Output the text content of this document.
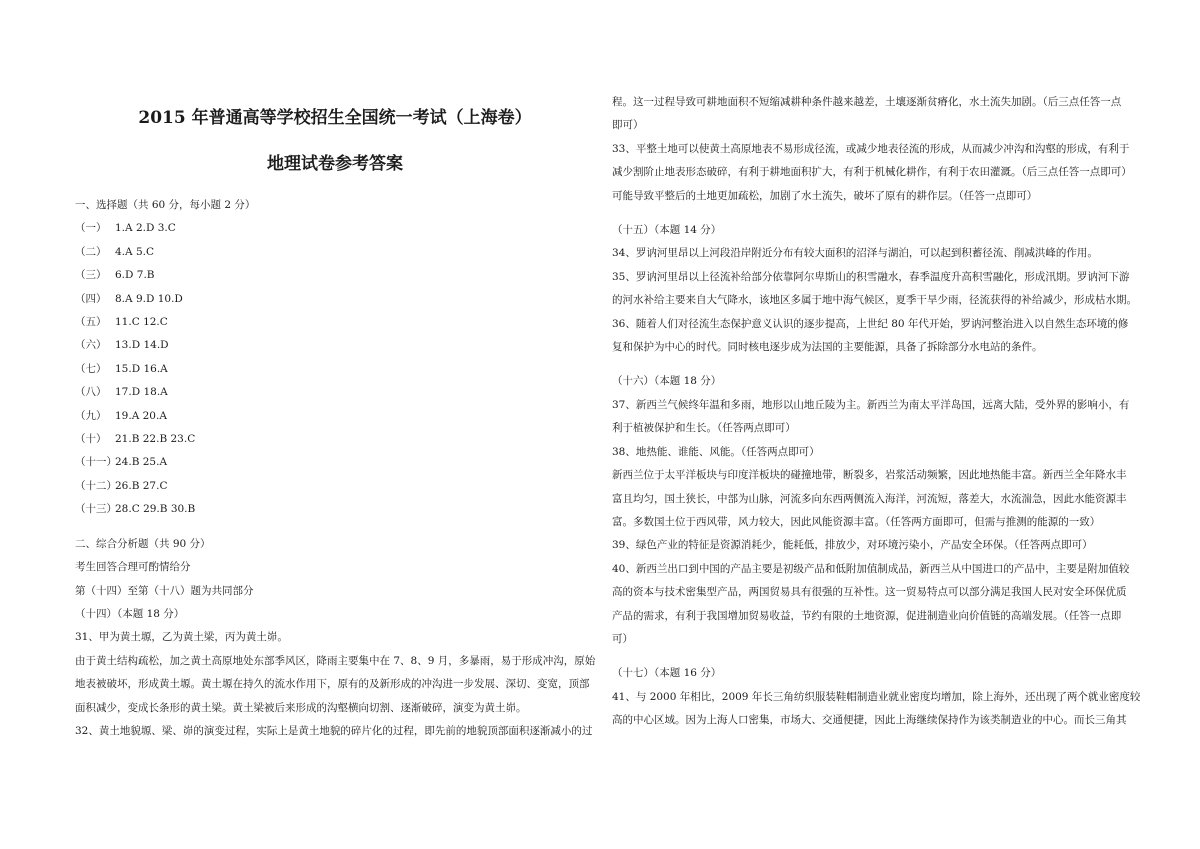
2015 年普通高等学校招生全国统一考试（上海卷）
地理试卷参考答案
一、选择题（共 60 分，每小题 2 分）
（一） 1.A 2.D 3.C
（二） 4.A 5.C
（三） 6.D 7.B
（四） 8.A 9.D 10.D
（五） 11.C 12.C
（六） 13.D 14.D
（七） 15.D 16.A
（八） 17.D 18.A
（九） 19.A 20.A
（十） 21.B 22.B 23.C
（十一）24.B 25.A
（十二）26.B 27.C
（十三）28.C 29.B 30.B
二、综合分析题（共 90 分）
考生回答合理可酌情给分
第（十四）至第（十八）题为共同部分
（十四）（本题 18 分）
31、甲为黄土塬，乙为黄土梁，丙为黄土峁。
由于黄土结构疏松，加之黄土高原地处东部季风区，降雨主要集中在 7、8、9 月，多暴雨，易于形成冲沟，原始
地表被破坏，形成黄土塬。黄土塬在持久的流水作用下，原有的及新形成的冲沟进一步发展、深切、变宽，顶部
面积减少，变成长条形的黄土梁。黄土梁被后来形成的沟壑横向切割、逐渐破碎，演变为黄土峁。
32、黄土地貌塬、梁、峁的演变过程，实际上是黄土地貌的碎片化的过程，即先前的地貌顶部面积逐渐减小的过
程。这一过程导致可耕地面积不短缩减耕种条件越来越差，土壤逐渐贫瘠化，水土流失加剧。（后三点任答一点
即可）
33、平整土地可以使黄土高原地表不易形成径流，或减少地表径流的形成，从而减少冲沟和沟壑的形成，有利于
减少割阶止地表形态破碎，有利于耕地面积扩大，有利于机械化耕作，有利于农田灌溉。（后三点任答一点即可）
可能导致平整后的土地更加疏松，加剧了水土流失，破坏了原有的耕作层。（任答一点即可）
（十五）（本题 14 分）
34、罗讷河里昂以上河段沿岸附近分布有较大面积的沼泽与湖泊，可以起到积蓄径流、削减洪峰的作用。
35、罗讷河里昂以上径流补给部分依靠阿尔卑斯山的积雪融水，春季温度升高积雪融化，形成汛期。罗讷河下游
的河水补给主要来自大气降水，该地区多属于地中海气候区，夏季干旱少雨，径流获得的补给减少，形成枯水期。
36、随着人们对径流生态保护意义认识的逐步提高，上世纪 80 年代开始，罗讷河整治进入以自然生态环境的修
复和保护为中心的时代。同时核电逐步成为法国的主要能源，具备了拆除部分水电站的条件。
（十六）（本题 18 分）
37、新西兰气候终年温和多雨，地形以山地丘陵为主。新西兰为南太平洋岛国，远离大陆，受外界的影响小，有
利于植被保护和生长。（任答两点即可）
38、地热能、谁能、风能。（任答两点即可）
新西兰位于太平洋板块与印度洋板块的碰撞地带，断裂多，岩浆活动频繁，因此地热能丰富。新西兰全年降水丰
富且均匀，国土狭长，中部为山脉，河流多向东西两侧流入海洋，河流短，落差大，水流湍急，因此水能资源丰
富。多数国土位于西风带，风力较大，因此风能资源丰富。（任答两方面即可，但需与推测的能源的一致）
39、绿色产业的特征是资源消耗少，能耗低，排放少，对环境污染小，产品安全环保。（任答两点即可）
40、新西兰出口到中国的产品主要是初级产品和低附加值制成品，新西兰从中国进口的产品中，主要是附加值较
高的资本与技术密集型产品，两国贸易具有很强的互补性。这一贸易特点可以部分满足我国人民对安全环保优质
产品的需求，有利于我国增加贸易收益，节约有限的土地资源，促进制造业向价值链的高端发展。（任答一点即
可）
（十七）（本题 16 分）
41、与 2000 年相比，2009 年长三角纺织服装鞋帽制造业就业密度均增加，除上海外，还出现了两个就业密度较
高的中心区域。因为上海人口密集，市场大、交通便捷，因此上海继续保持作为该类制造业的中心。而长三角其
